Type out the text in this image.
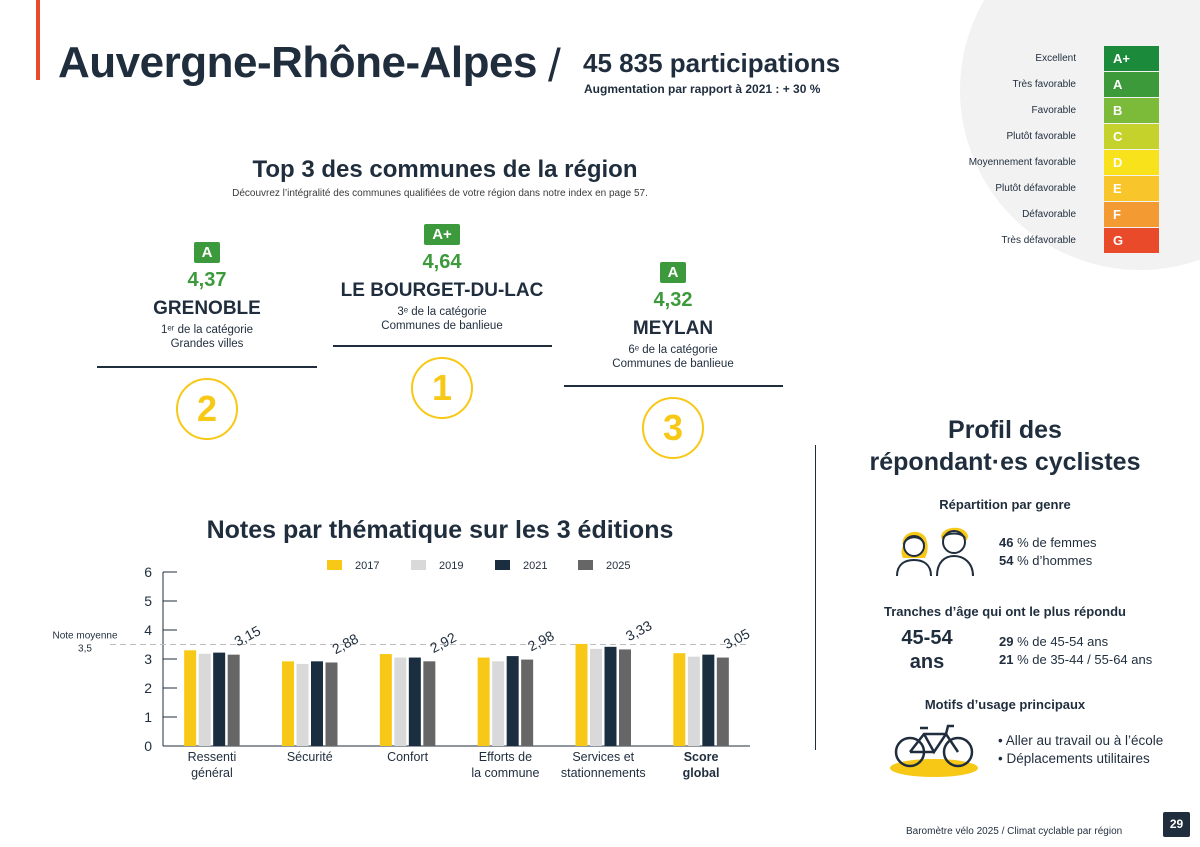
Auvergne-Rhône-Alpes / 45 835 participations
Augmentation par rapport à 2021 : + 30 %
Excellent	A+
Très favorable	A
Favorable	B
Plutôt favorable	C
Moyennement favorable	D
Plutôt défavorable	E
Défavorable	F
Très défavorable	G
Top 3 des communes de la région
Découvrez l’intégralité des communes qualifiées de votre région dans notre index en page 57.
A
4,37
GRENOBLE
1ᵉʳ de la catégorie
Grandes villes
2
A+
4,64
LE BOURGET-DU-LAC
3ᵉ de la catégorie
Communes de banlieue
1
A
4,32
MEYLAN
6ᵉ de la catégorie
Communes de banlieue
3
Notes par thématique sur les 3 éditions
0
1
2
3
4
5
6
Note moyenne
3,5
2017	2019	2021	2025
3,15
Ressenti
général
2,88
Sécurité
2,92
Confort
2,98
Efforts de
la commune
3,33
Services et
stationnements
3,05
Score
global
Profil des
répondant·es cyclistes
Répartition par genre
46 % de femmes
54 % d’hommes
Tranches d’âge qui ont le plus répondu
45-54
ans
29 % de 45-54 ans
21 % de 35-44 / 55-64 ans
Motifs d’usage principaux
• Aller au travail ou à l’école
• Déplacements utilitaires
Baromètre vélo 2025 / Climat cyclable par région
29
